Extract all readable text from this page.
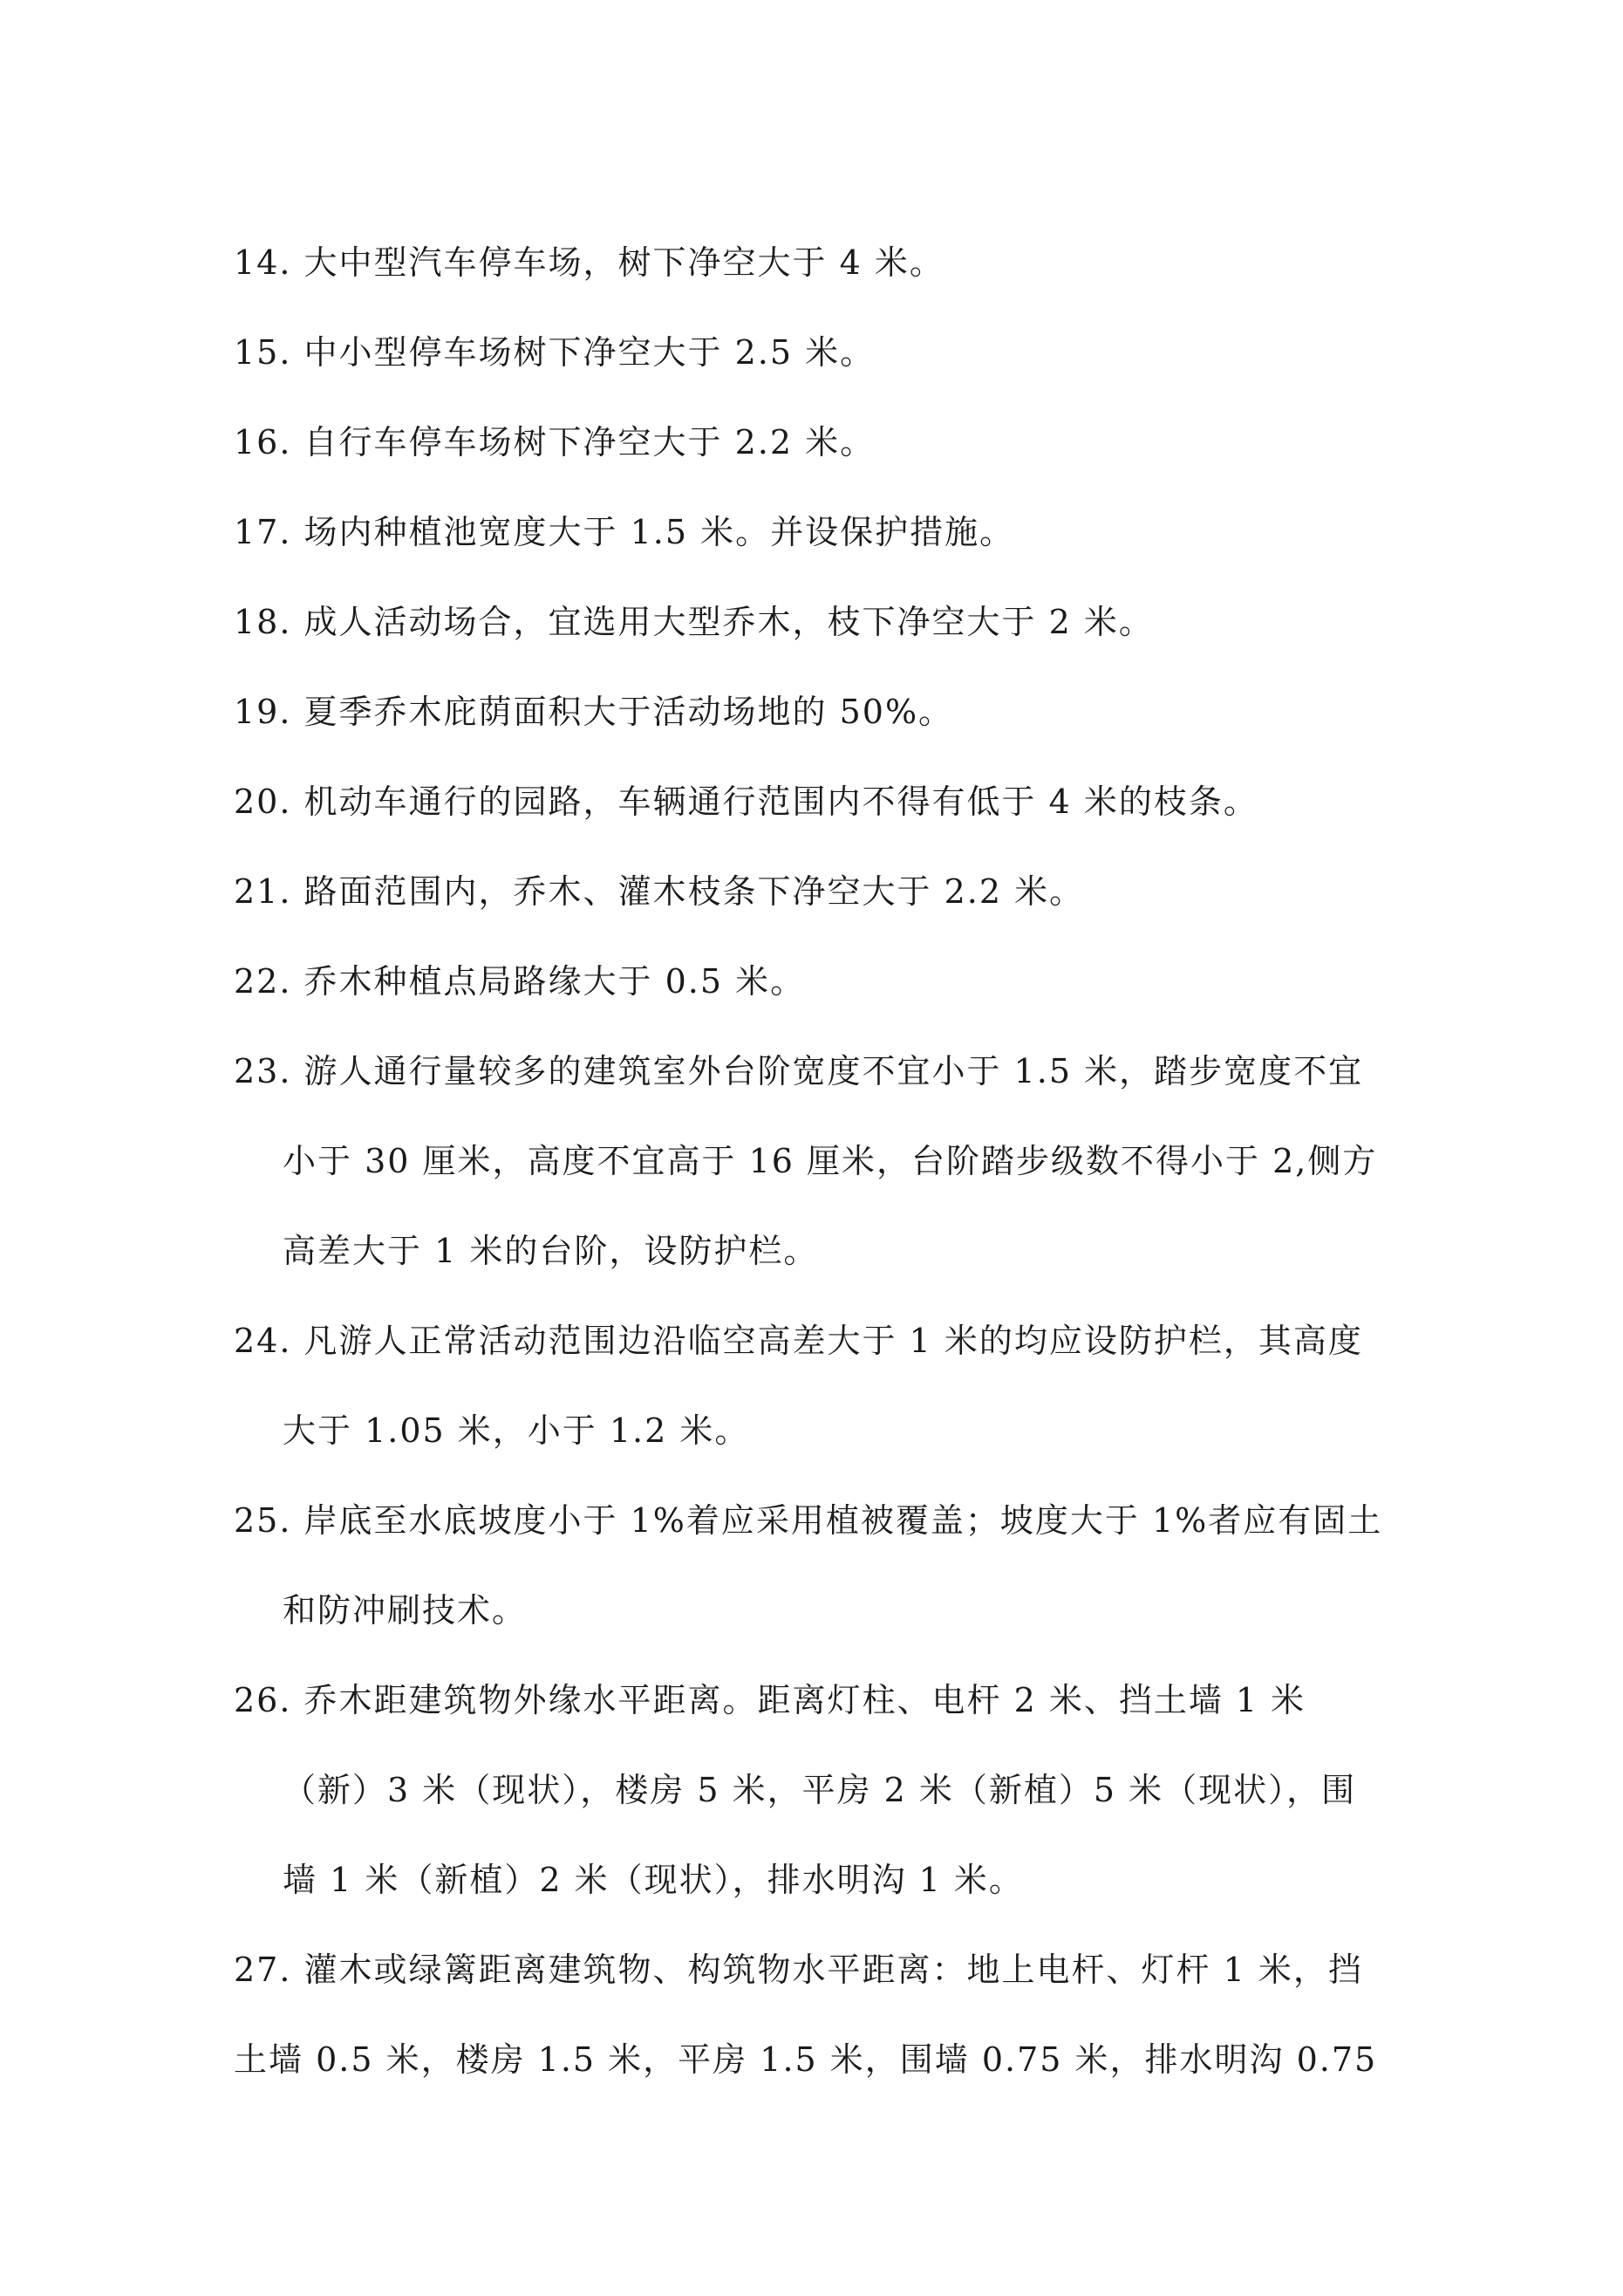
14. 大中型汽车停车场，树下净空大于 4 米。
15. 中小型停车场树下净空大于 2.5 米。
16. 自行车停车场树下净空大于 2.2 米。
17. 场内种植池宽度大于 1.5 米。并设保护措施。
18. 成人活动场合，宜选用大型乔木，枝下净空大于 2 米。
19. 夏季乔木庇荫面积大于活动场地的 50%。
20. 机动车通行的园路，车辆通行范围内不得有低于 4 米的枝条。
21. 路面范围内，乔木、灌木枝条下净空大于 2.2 米。
22. 乔木种植点局路缘大于 0.5 米。
23. 游人通行量较多的建筑室外台阶宽度不宜小于 1.5 米，踏步宽度不宜
小于 30 厘米，高度不宜高于 16 厘米，台阶踏步级数不得小于 2,侧方
高差大于 1 米的台阶，设防护栏。
24. 凡游人正常活动范围边沿临空高差大于 1 米的均应设防护栏，其高度
大于 1.05 米，小于 1.2 米。
25. 岸底至水底坡度小于 1%着应采用植被覆盖；坡度大于 1%者应有固土
和防冲刷技术。
26. 乔木距建筑物外缘水平距离。距离灯柱、电杆 2 米、挡土墙 1 米
（新）3 米（现状），楼房 5 米，平房 2 米（新植）5 米（现状），围
墙 1 米（新植）2 米（现状），排水明沟 1 米。
27. 灌木或绿篱距离建筑物、构筑物水平距离：地上电杆、灯杆 1 米，挡
土墙 0.5 米，楼房 1.5 米，平房 1.5 米，围墙 0.75 米，排水明沟 0.75
